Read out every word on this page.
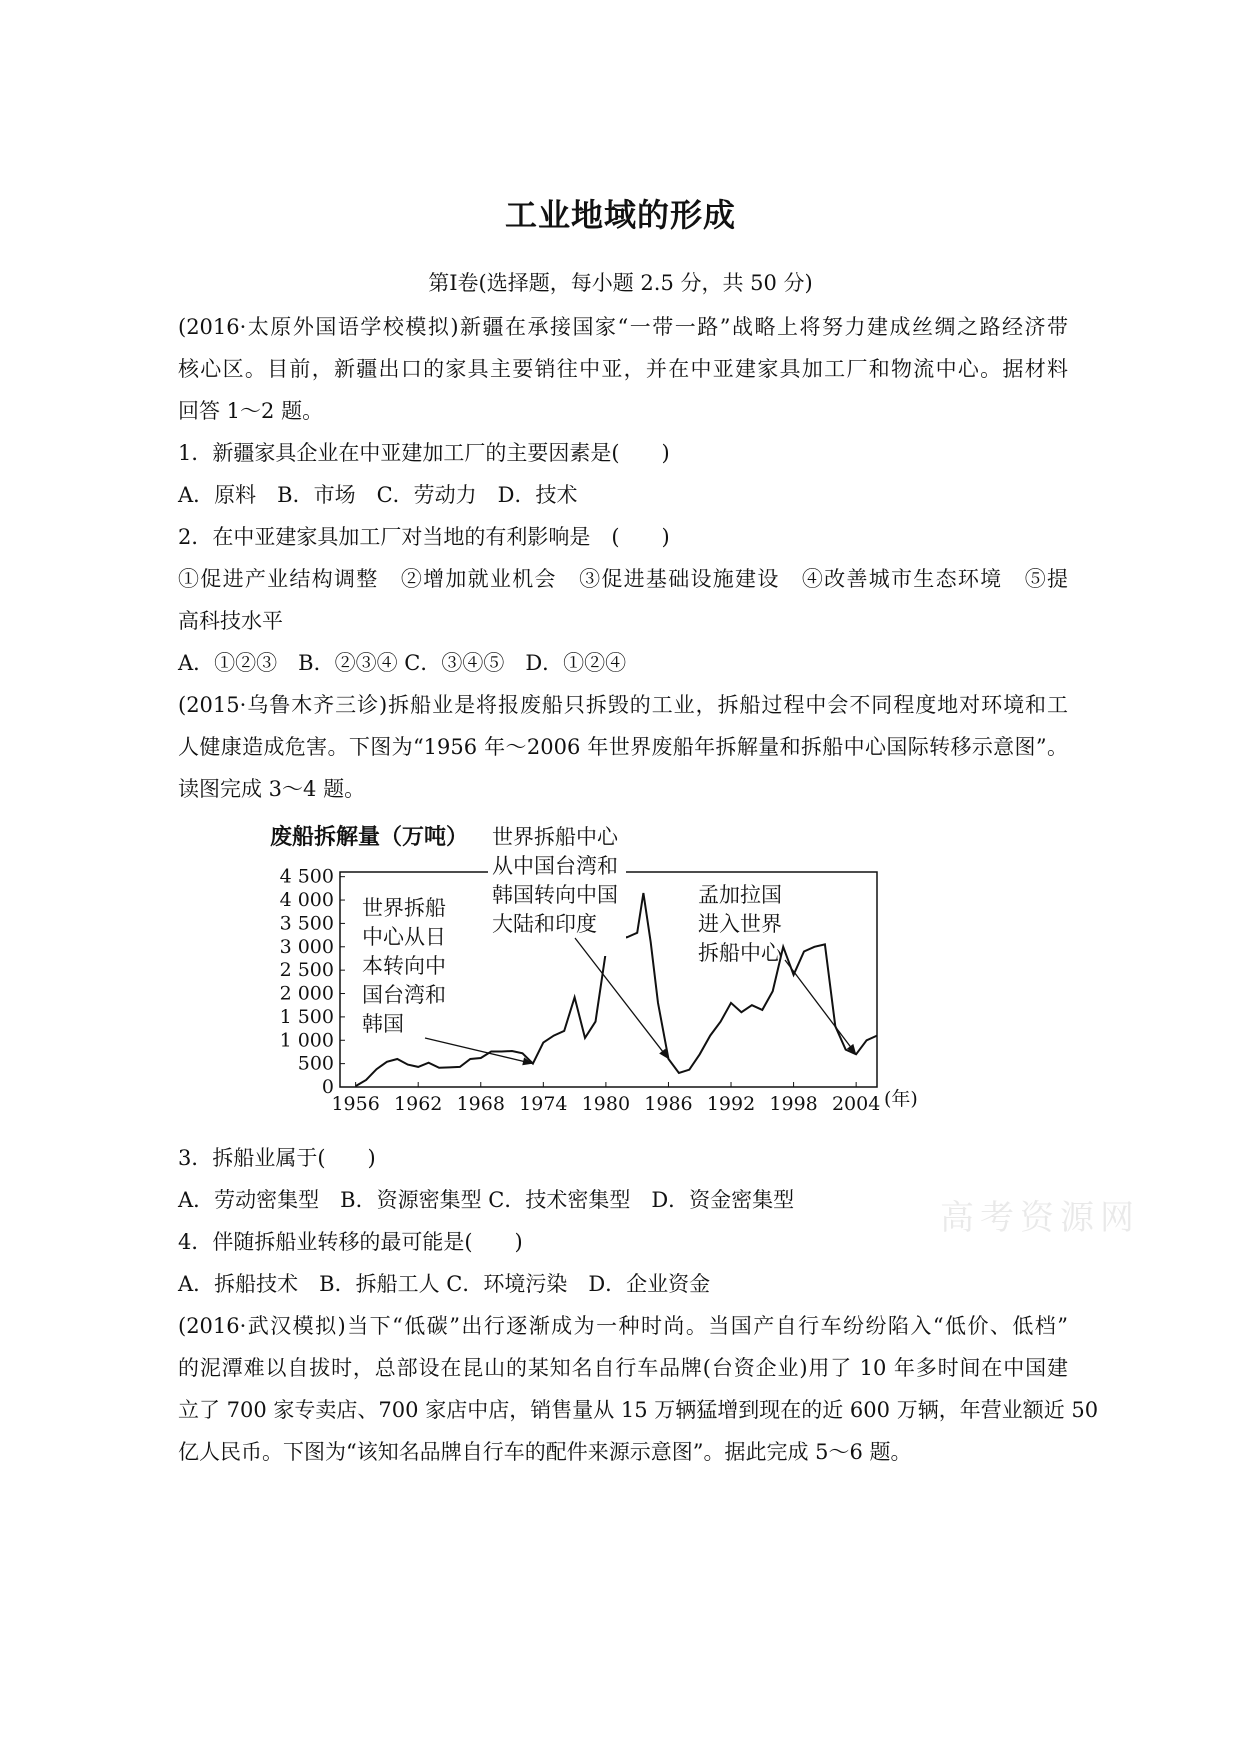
工业地域的形成
第Ⅰ卷(选择题，每小题 2.5 分，共 50 分)
(2016·太原外国语学校模拟)新疆在承接国家“一带一路”战略上将努力建成丝绸之路经济带
核心区。目前，新疆出口的家具主要销往中亚，并在中亚建家具加工厂和物流中心。据材料
回答 1～2 题。
1．新疆家具企业在中亚建加工厂的主要因素是(　　)
A．原料　B．市场　C．劳动力　D．技术
2．在中亚建家具加工厂对当地的有利影响是　(　　)
①促进产业结构调整　②增加就业机会　③促进基础设施建设　④改善城市生态环境　⑤提
高科技水平
A．①②③　B．②③④ C．③④⑤　D．①②④
(2015·乌鲁木齐三诊)拆船业是将报废船只拆毁的工业，拆船过程中会不同程度地对环境和工
人健康造成危害。下图为“1956 年～2006 年世界废船年拆解量和拆船中心国际转移示意图”。
读图完成 3～4 题。
废船拆解量（万吨）
4 500
4 000
3 500
3 000
2 500
2 000
1 500
1 000
500
0
1956 1962 1968 1974 1980 1986 1992 1998 2004
世界拆船
中心从日
本转向中
国台湾和
韩国
世界拆船中心
从中国台湾和
韩国转向中国
大陆和印度
孟加拉国
进入世界
拆船中心
(年)
3．拆船业属于(　　)
A．劳动密集型　B．资源密集型 C．技术密集型　D．资金密集型
4．伴随拆船业转移的最可能是(　　)
A．拆船技术　B．拆船工人 C．环境污染　D．企业资金
(2016·武汉模拟)当下“低碳”出行逐渐成为一种时尚。当国产自行车纷纷陷入“低价、低档”
的泥潭难以自拔时，总部设在昆山的某知名自行车品牌(台资企业)用了 10 年多时间在中国建
立了 700 家专卖店、700 家店中店，销售量从 15 万辆猛增到现在的近 600 万辆，年营业额近 50
亿人民币。下图为“该知名品牌自行车的配件来源示意图”。据此完成 5～6 题。
高考资源网
